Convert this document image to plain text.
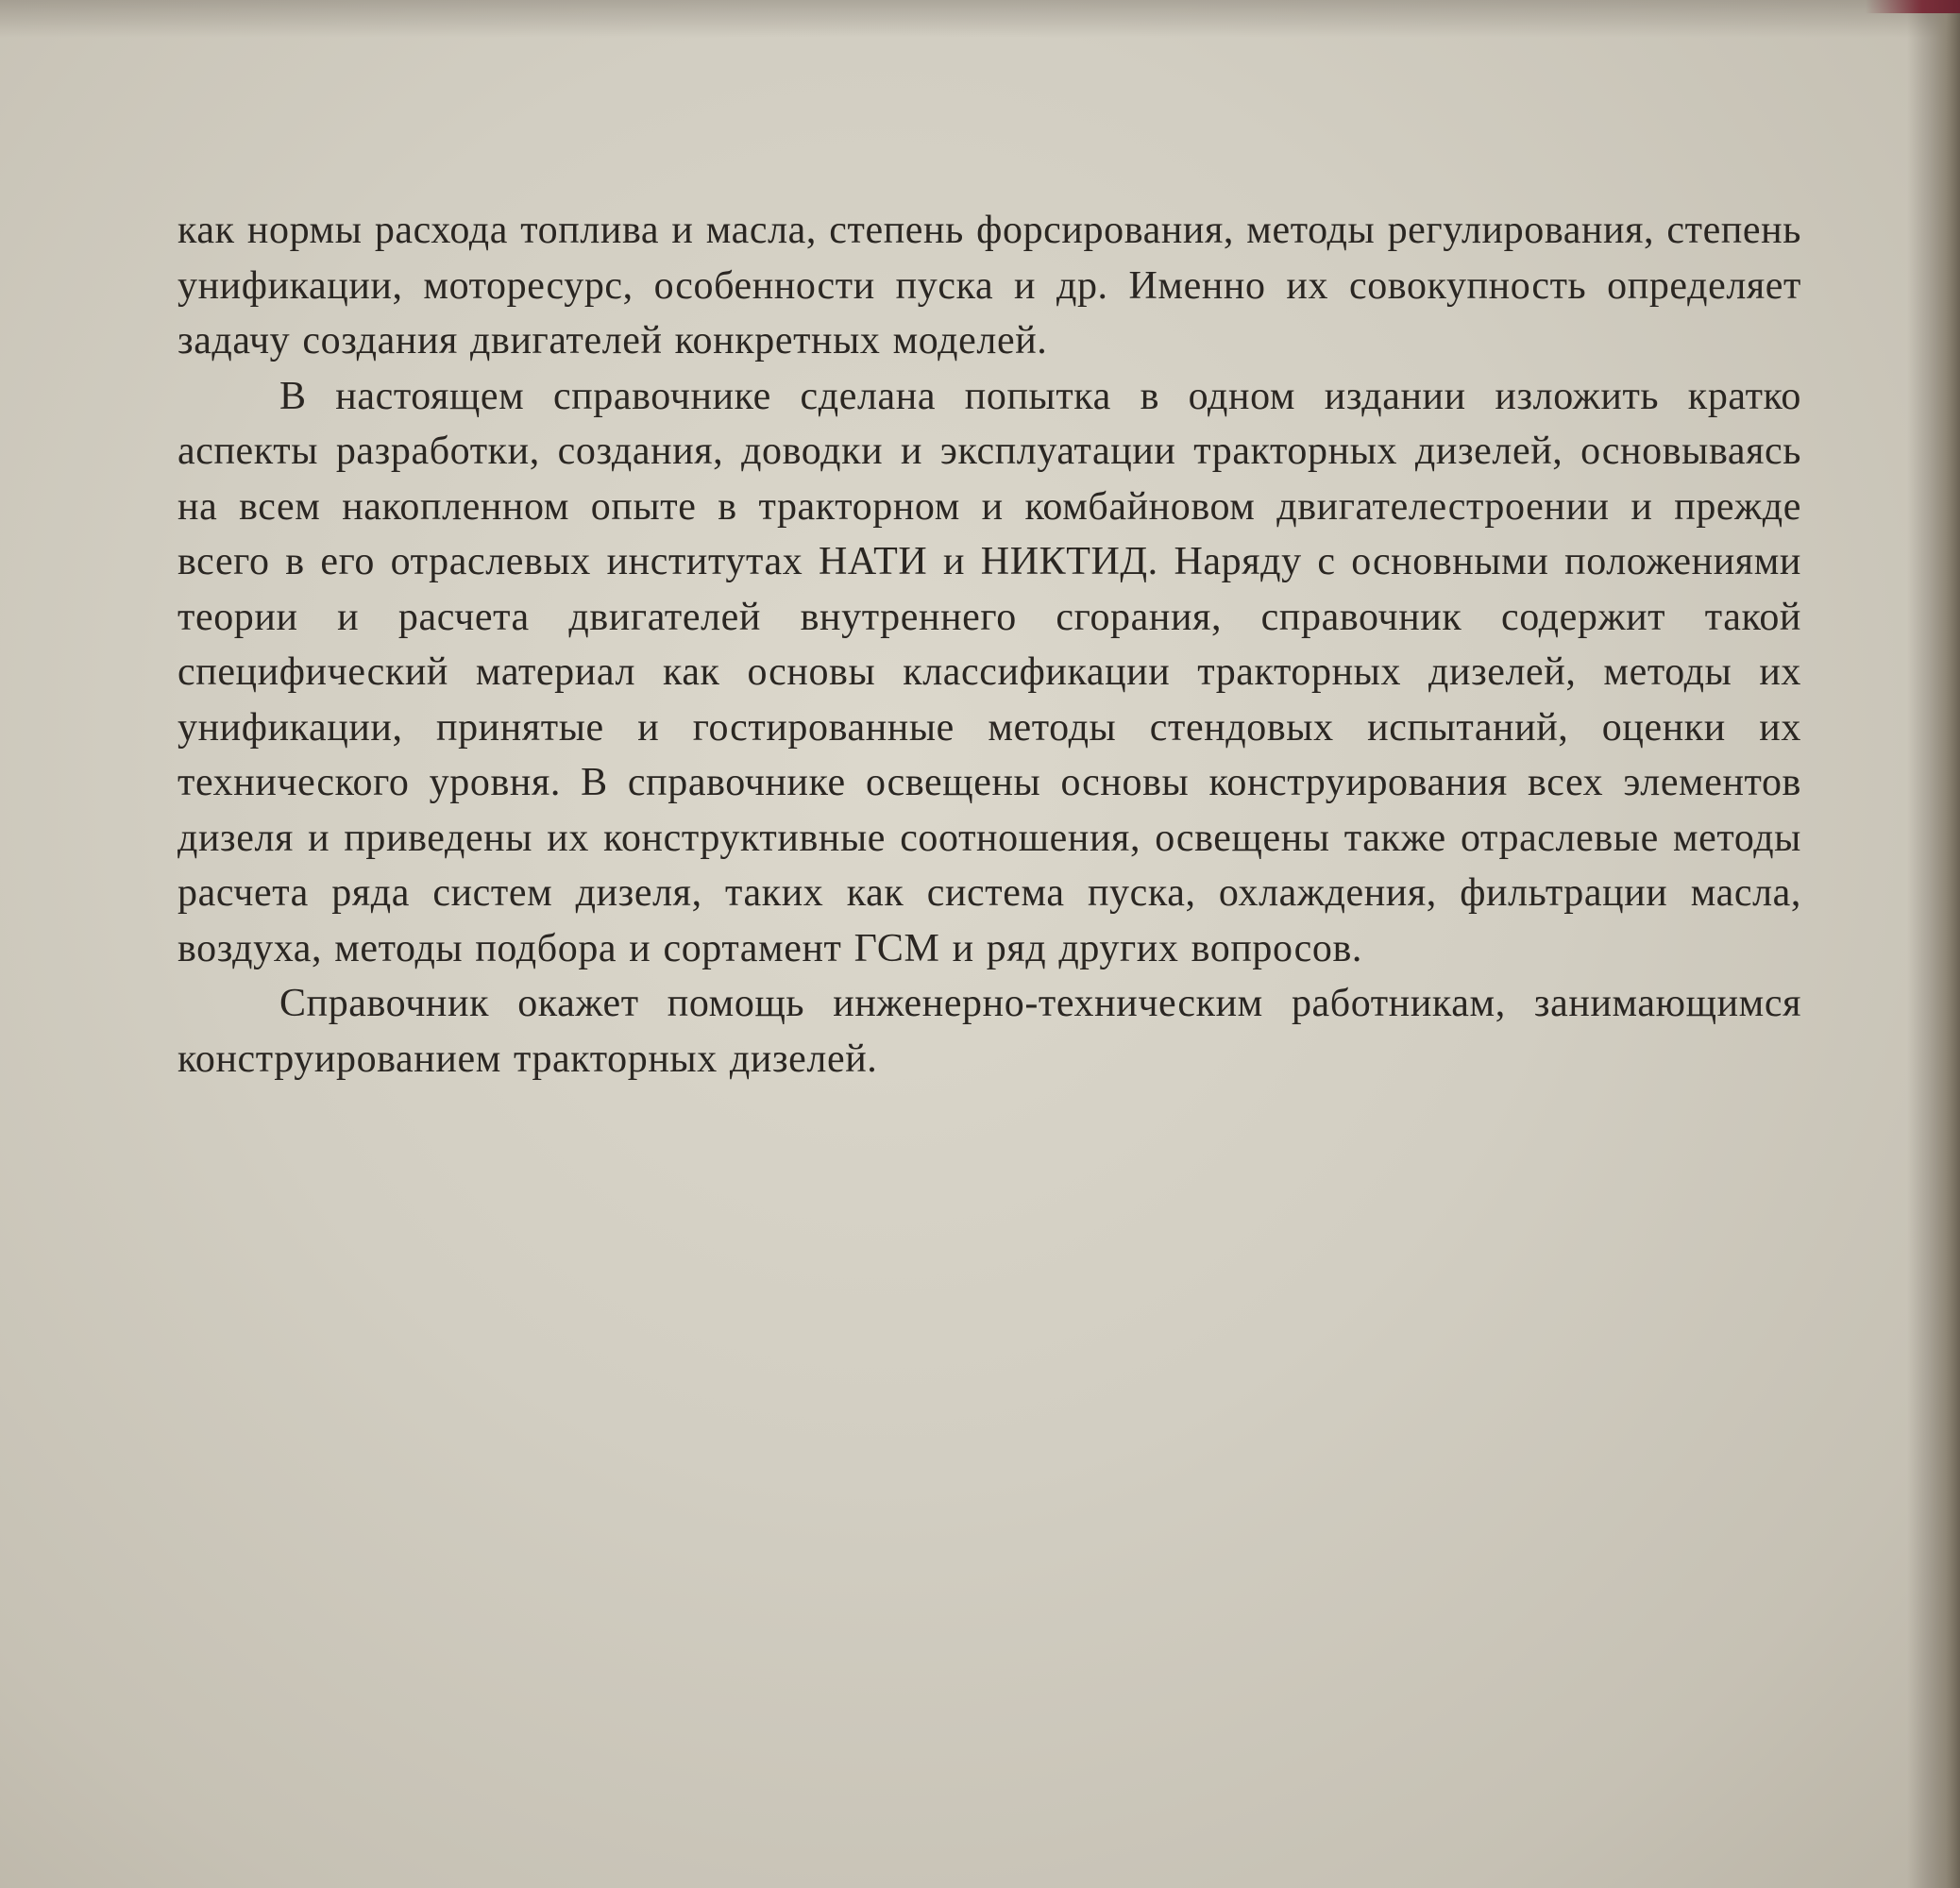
как нормы расхода топлива и масла, степень форсирования, методы регулирования, степень унификации, моторесурс, особенности пуска и др. Именно их совокупность определяет задачу создания двигателей конкретных моделей.

В настоящем справочнике сделана попытка в одном издании изложить кратко аспекты разработки, создания, доводки и эксплуатации тракторных дизелей, основываясь на всем накопленном опыте в тракторном и комбайновом двигателестроении и прежде всего в его отраслевых институтах НАТИ и НИКТИД. Наряду с основными положениями теории и расчета двигателей внутреннего сгорания, справочник содержит такой специфический материал как основы классификации тракторных дизелей, методы их унификации, принятые и гостированные методы стендовых испытаний, оценки их технического уровня. В справочнике освещены основы конструирования всех элементов дизеля и приведены их конструктивные соотношения, освещены также отраслевые методы расчета ряда систем дизеля, таких как система пуска, охлаждения, фильтрации масла, воздуха, методы подбора и сортамент ГСМ и ряд других вопросов.

Справочник окажет помощь инженерно-техническим работникам, занимающимся конструированием тракторных дизелей.
